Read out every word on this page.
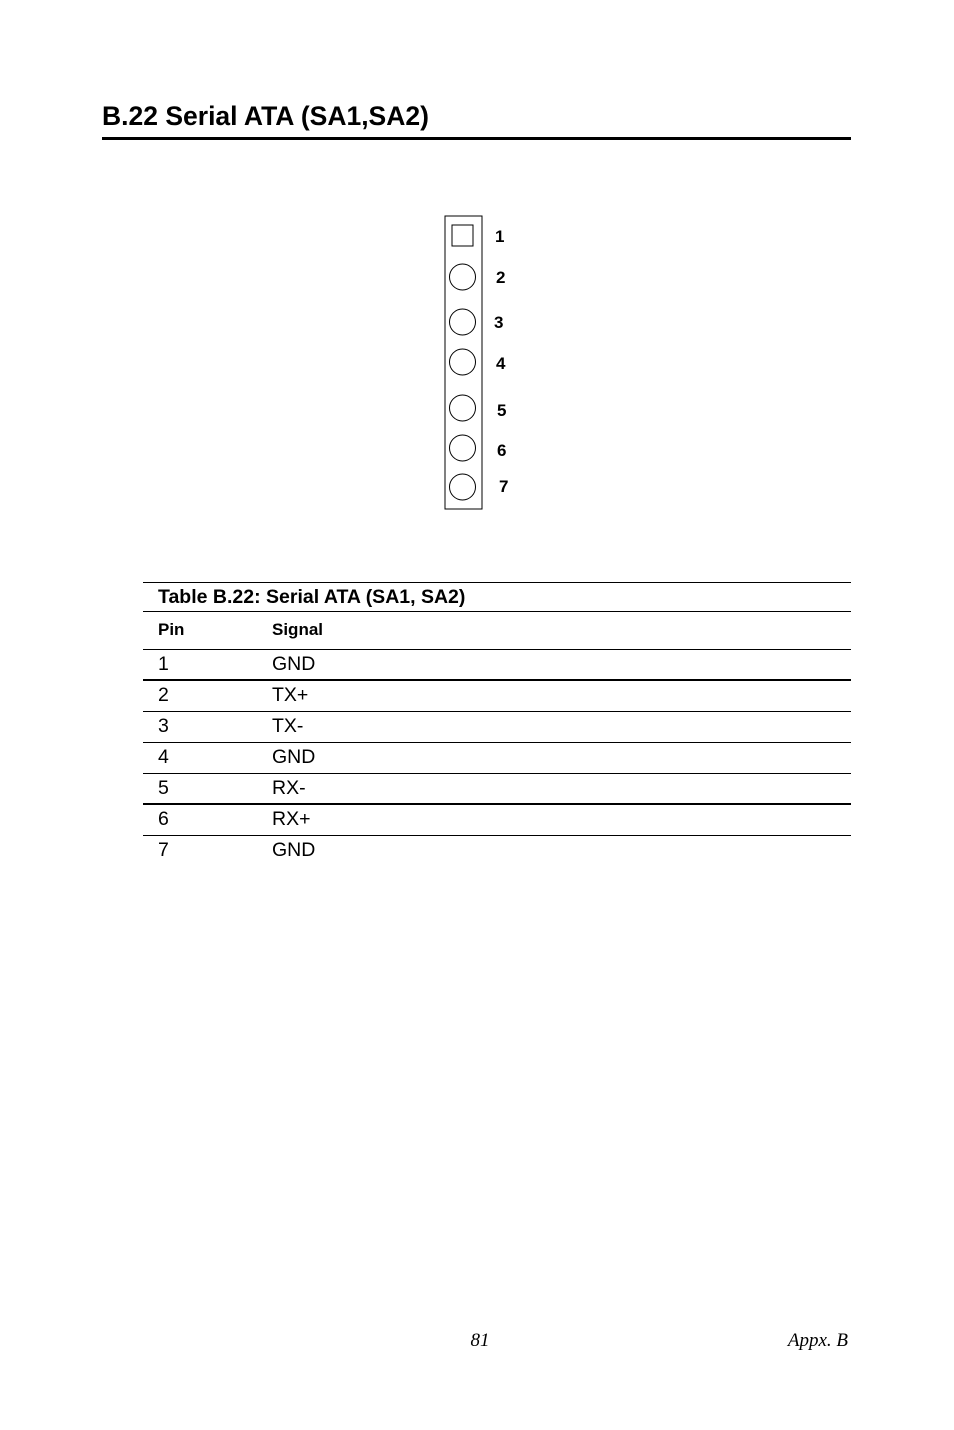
B.22 Serial ATA (SA1,SA2)
1
2
3
4
5
6
7
Table B.22: Serial ATA (SA1, SA2)
Pin	Signal
1	GND
2	TX+
3	TX-
4	GND
5	RX-
6	RX+
7	GND
81	Appx. B
